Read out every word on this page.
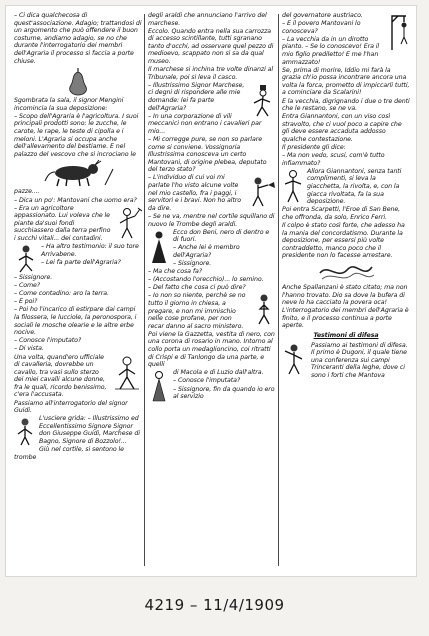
– Ci dica qualchecosa di quest'associazione. Adagio; trattandosi di un argomento che può offendere il buon costume, andiamo adagio, se no che durante l'interrogatorio dei membri dell'Agraria il processo si faccia a porte chiuse.

Sgombrata la sala, il signor Mengini incomincia la sua deposizione:

– Scopo dell'Agraria è l'agricoltura. I suoi principali prodotti sono: le zucche, le carote, le rape, le teste di cipolla e i meloni. L'Agraria si occupa anche dell'allevamento del bestiame. E nel palazzo del vescovo che si incrociano le

pazze....

– Dica un po': Mantovani che uomo era?

– Era un agricoltore appassionato. Lui voleva che le piante da'suoi fondi succhiassero dalla terra perfino i succhi vitali... dei contadini.

– Ha altro testimonio: il suo tore Arrivabene.

– Lei fa parte dell'Agraria?

– Sissignore.

– Come?

– Come contadino: aro la terra.

– E poi?

– Poi ho l'incarico di estirpare dai campi la filossera, le lucciole, la peronospora, i sociali le mosche olearie e le altre erbe nocive.

– Conosce l'imputato?

– Di vista.

Una volta, quand'ero ufficiale di cavalleria, dovrebbe un cavallo, tra vasi sullo sterzo dei miei cavalli alcune donne, fra le quali, ricordo benissimo, c'era l'accusata.

Passiamo all'interrogatorio del signor Guidi.

L'usciere grida: – Illustrissimo ed Eccellentissimo Signore Signor don Giuseppe Guidi, Marchese di Bagno, Signore di Bozzolo!...

Giù nel cortile, si sentono le trombe

degli araldi che annunciano l'arrivo del marchese.

Eccolo. Quando entra nella sua carrozza di accesso scintillante, tutti sgranano tanto d'occhi, ad osservare quel pezzo di medioevo, scappato non si sa da qual museo.

Il marchese si inchina tre volte dinanzi al Tribunale, poi si leva il casco.

– Illustrissimo Signor Marchese, ci degni di rispondere alle mie domande: lei fa parte dell'Agraria?

– In una corporazione di vili meccanici non entrano i cavalieri par mio...

– Mi corregge pure, se non so parlare come si conviene. Vossignoria Illustrissima conosceva un certo Mantovani, di origine plebea, deputato del terzo stato?

– L'individuo di cui voi mi parlate l'ho visto alcune volte nel mio castello, fra i paggi, i servitori e i bravi. Non ho altro da dire.

– Se ne va, mentre nel cortile squillano di nuovo le Trombe degli araldi.

Ecco don Beni, nero di dentro e di fuori.

– Anche lei è membro dell'Agraria?

– Sissignore.

– Ma che cosa fa?

– (Accostando l'orecchio)... lo semino.

– Del fatto che cosa ci può dire?

– Io non so niente, perchè se no tutto il giorno in chiesa, a pregare, e non mi immischio nelle cose profane, per non recar danno al sacro ministero.

Poi viene la Gazzetta, vestita di nero, con una corona di rosario in mano. Intorno al collo porta un medaglioncino, coi ritratti di Crispi e di Tanlongo da una parte, e quelli

di Macola e di Luzio dall'altra.

– Conosce l'imputata?

– Sissignore, fin da quando io ero al servizio

del governatore austriaco.

– E il povero Mantovani lo conosceva?

– La vecchia da in un dirotto pianto. – Se lo conoscevo! Era il mio figlio prediletto! E me l'han ammazzato!

Se, prima di morire, Iddio mi farà la grazia ch'io possa incontrare ancora una volta la forca, prometto di impiccarli tutti, a cominciare da Scalarini!

E la vecchia, digrignando i due o tre denti che le restano, se ne va.

Entra Giannantoni, con un viso così stravolto, che ci vuol poco a capire che gli deve essere accaduta addosso qualche contestazione.

Il presidente gli dice:

– Ma non vedo, scusi, com'è tutto infiammato?

Allora Giannantoni, senza tanti complimenti, si leva la giacchetta, la rivolta, e, con la giacca rivoltata, fa la sua deposizione.

Poi entra Scarpetti, l'Eroe di San Bene, che offronda, da solo, Enrico Ferri.

Il colpo è stato così forte, che adesso ha la mania del concordatismo. Durante la deposizione, per essersi più volte contraddetto, manco poco che il presidente non lo facesse arrestare.

Anche Spallanzani è stato citato; ma non l'hanno trovato. Dio sa dove la bufera di neve lo ha cacciato la povera oca!

L'interrogatorio dei membri dell'Agraria è finito, e il processo continua a porte aperte.

Testimoni di difesa

Passiamo ai testimoni di difesa. Il primo è Dugoni, il quale tiene una conferenza sui campi Trinceranti della leghe, dove ci sono i forti che Mantova

4219 – 11/4/1909
